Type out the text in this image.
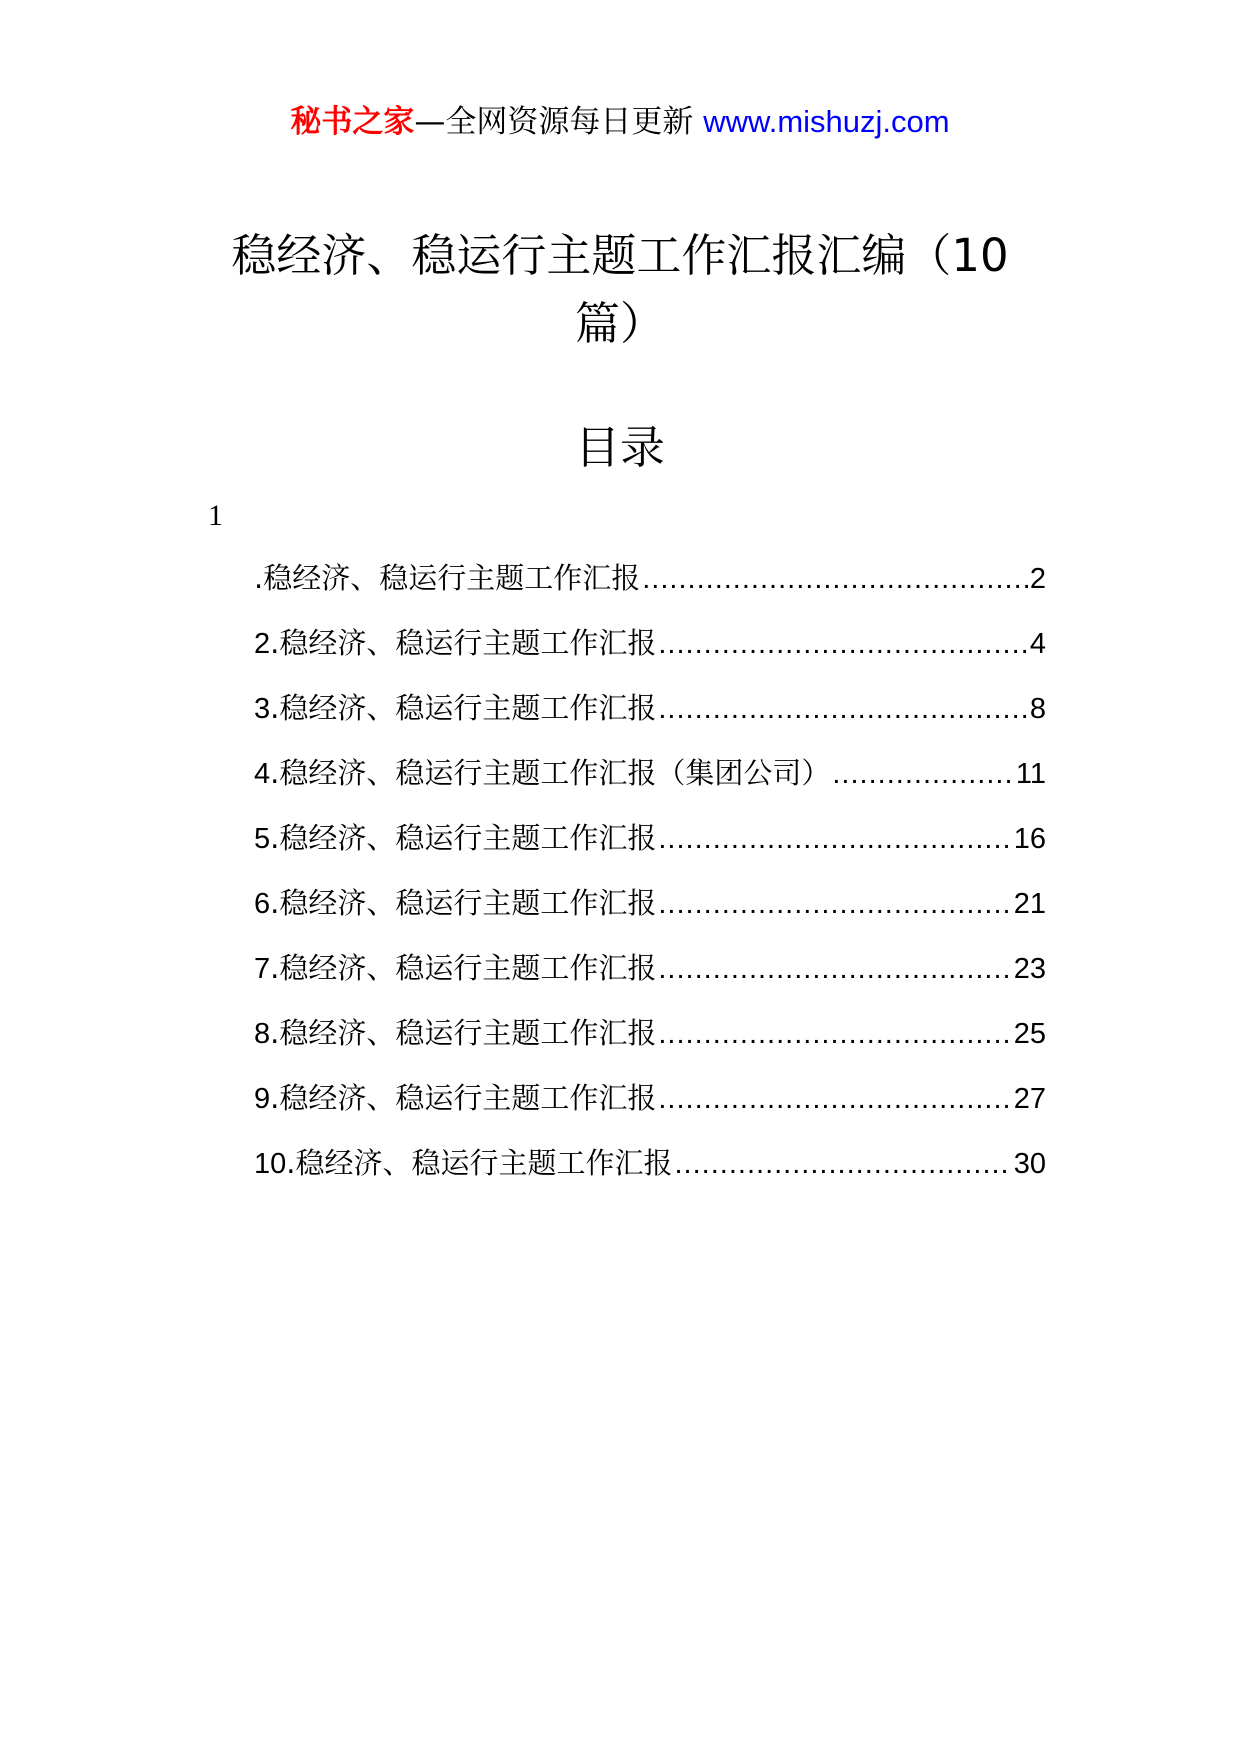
秘书之家—全网资源每日更新 www.mishuzj.com
稳经济、稳运行主题工作汇报汇编（10篇）
目录
1
.稳经济、稳运行主题工作汇报 .....	2
2.稳经济、稳运行主题工作汇报 .....	4
3.稳经济、稳运行主题工作汇报 .....	8
4.稳经济、稳运行主题工作汇报（集团公司） .....	11
5.稳经济、稳运行主题工作汇报 .....	16
6.稳经济、稳运行主题工作汇报 .....	21
7.稳经济、稳运行主题工作汇报 .....	23
8.稳经济、稳运行主题工作汇报 .....	25
9.稳经济、稳运行主题工作汇报 .....	27
10.稳经济、稳运行主题工作汇报 .....	30
